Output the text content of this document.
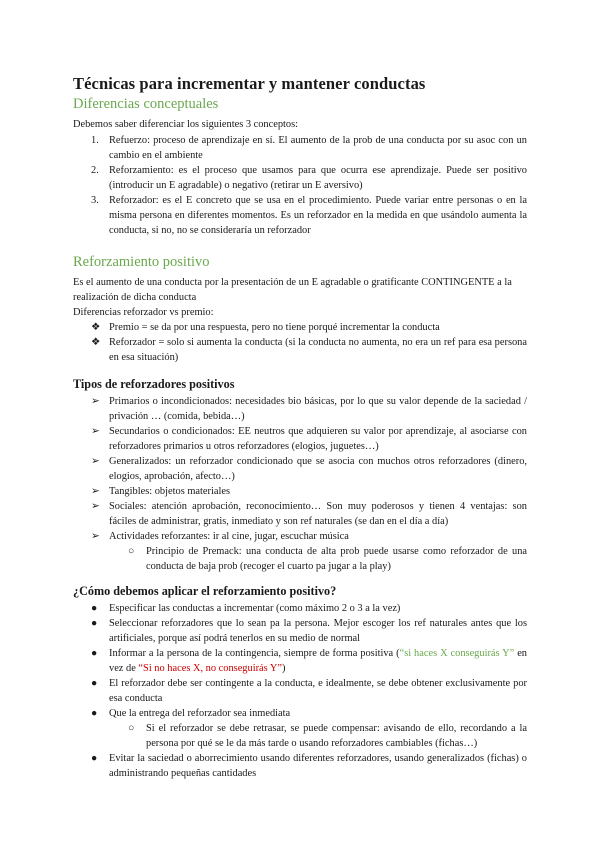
Técnicas para incrementar y mantener conductas
Diferencias conceptuales
Debemos saber diferenciar los siguientes 3 conceptos:
1. Refuerzo: proceso de aprendizaje en sí. El aumento de la prob de una conducta por su asoc con un cambio en el ambiente
2. Reforzamiento: es el proceso que usamos para que ocurra ese aprendizaje. Puede ser positivo (introducir un E agradable) o negativo (retirar un E aversivo)
3. Reforzador: es el E concreto que se usa en el procedimiento. Puede variar entre personas o en la misma persona en diferentes momentos. Es un reforzador en la medida en que usándolo aumenta la conducta, si no, no se consideraría un reforzador
Reforzamiento positivo
Es el aumento de una conducta por la presentación de un E agradable o gratificante CONTINGENTE a la realización de dicha conducta
Diferencias reforzador vs premio:
❖ Premio = se da por una respuesta, pero no tiene porqué incrementar la conducta
❖ Reforzador = solo si aumenta la conducta (si la conducta no aumenta, no era un ref para esa persona en esa situación)
Tipos de reforzadores positivos
➢ Primarios o incondicionados: necesidades bio básicas, por lo que su valor depende de la saciedad / privación … (comida, bebida…)
➢ Secundarios o condicionados: EE neutros que adquieren su valor por aprendizaje, al asociarse con reforzadores primarios u otros reforzadores (elogios, juguetes…)
➢ Generalizados: un reforzador condicionado que se asocia con muchos otros reforzadores (dinero, elogios, aprobación, afecto…)
➢ Tangibles: objetos materiales
➢ Sociales: atención aprobación, reconocimiento… Son muy poderosos y tienen 4 ventajas: son fáciles de administrar, gratis, inmediato y son ref naturales (se dan en el día a día)
➢ Actividades reforzantes: ir al cine, jugar, escuchar música
○ Principio de Premack: una conducta de alta prob puede usarse como reforzador de una conducta de baja prob (recoger el cuarto pa jugar a la play)
¿Cómo debemos aplicar el reforzamiento positivo?
● Especificar las conductas a incrementar (como máximo 2 o 3 a la vez)
● Seleccionar reforzadores que lo sean pa la persona. Mejor escoger los ref naturales antes que los artificiales, porque así podrá tenerlos en su medio de normal
● Informar a la persona de la contingencia, siempre de forma positiva (“si haces X conseguirás Y” en vez de “Si no haces X, no conseguirás Y”)
● El reforzador debe ser contingente a la conducta, e idealmente, se debe obtener exclusivamente por esa conducta
● Que la entrega del reforzador sea inmediata
○ Si el reforzador se debe retrasar, se puede compensar: avisando de ello, recordando a la persona por qué se le da más tarde o usando reforzadores cambiables (fichas…)
● Evitar la saciedad o aborrecimiento usando diferentes reforzadores, usando generalizados (fichas) o administrando pequeñas cantidades
